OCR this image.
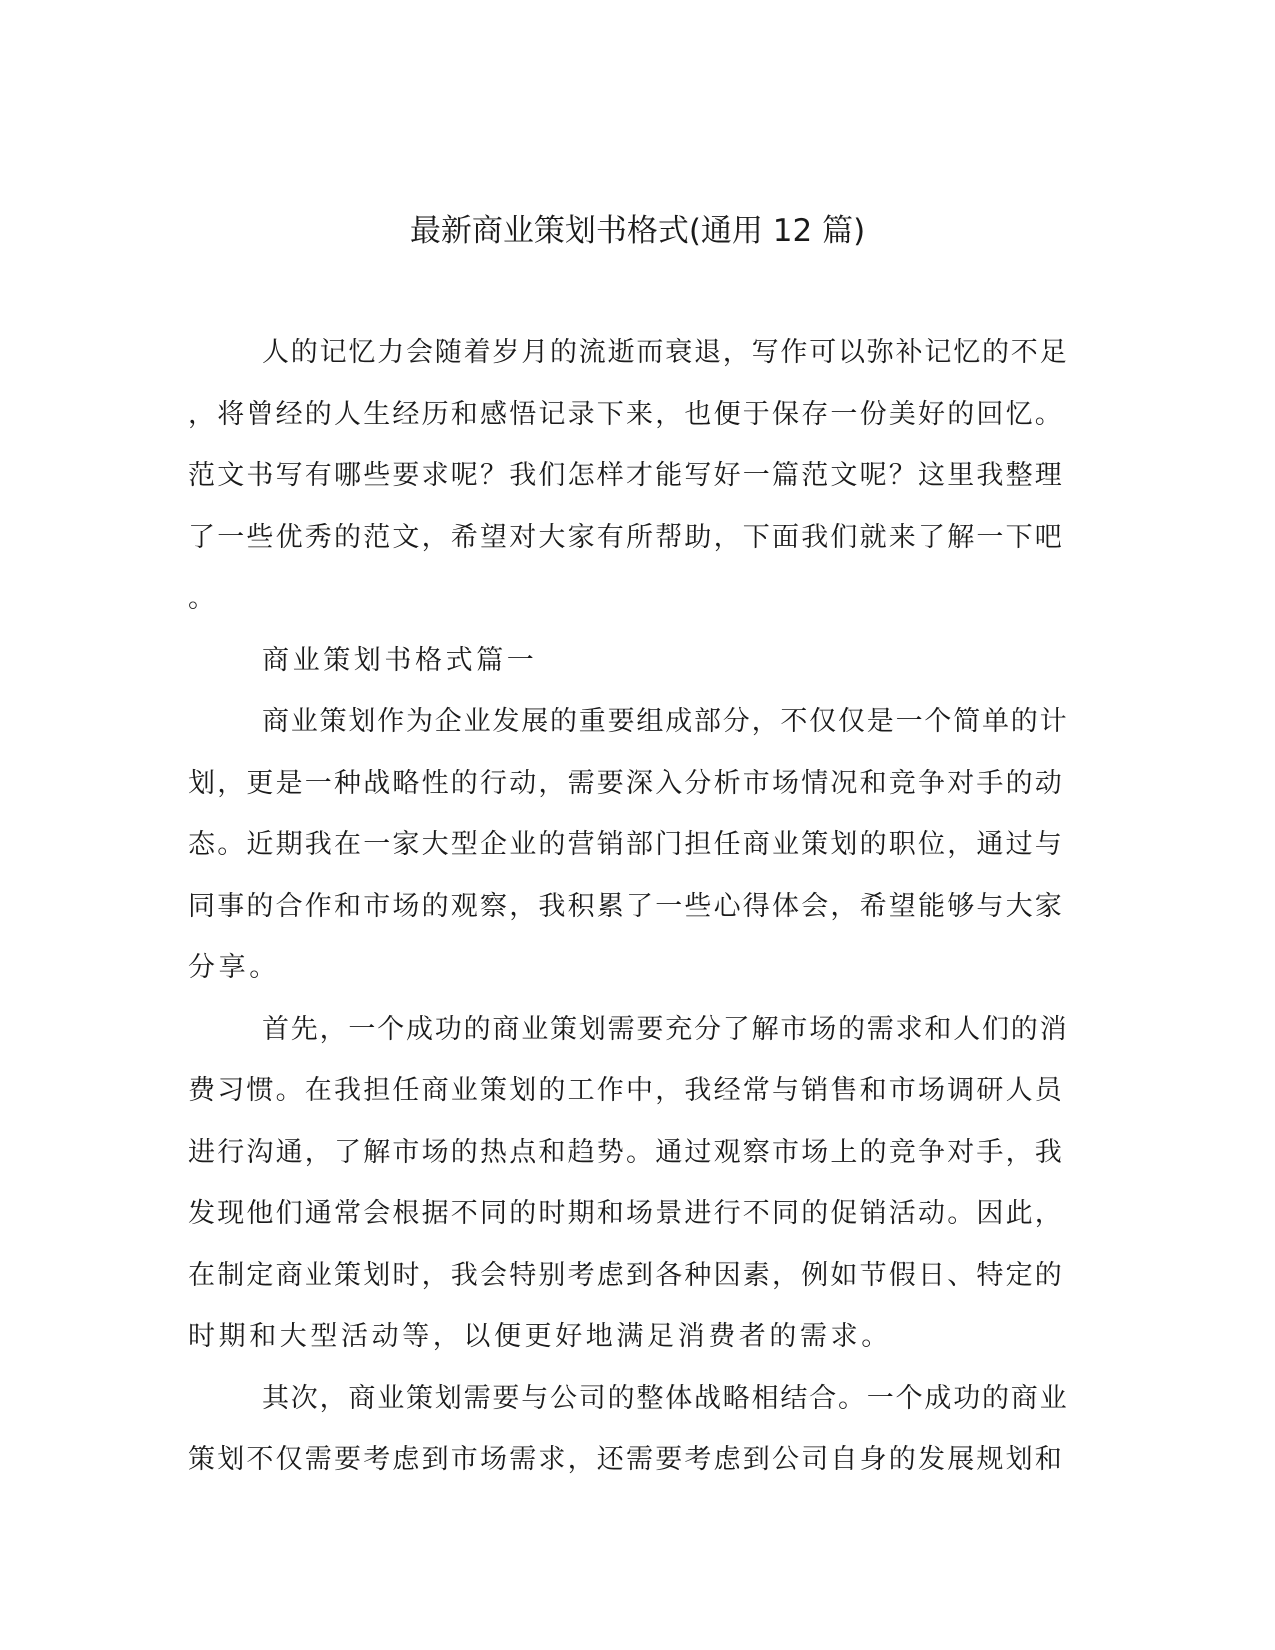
最新商业策划书格式(通用 12 篇)
人的记忆力会随着岁月的流逝而衰退，写作可以弥补记忆的不足
，将曾经的人生经历和感悟记录下来，也便于保存一份美好的回忆。
范文书写有哪些要求呢？我们怎样才能写好一篇范文呢？这里我整理
了一些优秀的范文，希望对大家有所帮助，下面我们就来了解一下吧
。
商业策划书格式篇一
商业策划作为企业发展的重要组成部分，不仅仅是一个简单的计
划，更是一种战略性的行动，需要深入分析市场情况和竞争对手的动
态。近期我在一家大型企业的营销部门担任商业策划的职位，通过与
同事的合作和市场的观察，我积累了一些心得体会，希望能够与大家
分享。
首先，一个成功的商业策划需要充分了解市场的需求和人们的消
费习惯。在我担任商业策划的工作中，我经常与销售和市场调研人员
进行沟通，了解市场的热点和趋势。通过观察市场上的竞争对手，我
发现他们通常会根据不同的时期和场景进行不同的促销活动。因此，
在制定商业策划时，我会特别考虑到各种因素，例如节假日、特定的
时期和大型活动等，以便更好地满足消费者的需求。
其次，商业策划需要与公司的整体战略相结合。一个成功的商业
策划不仅需要考虑到市场需求，还需要考虑到公司自身的发展规划和
